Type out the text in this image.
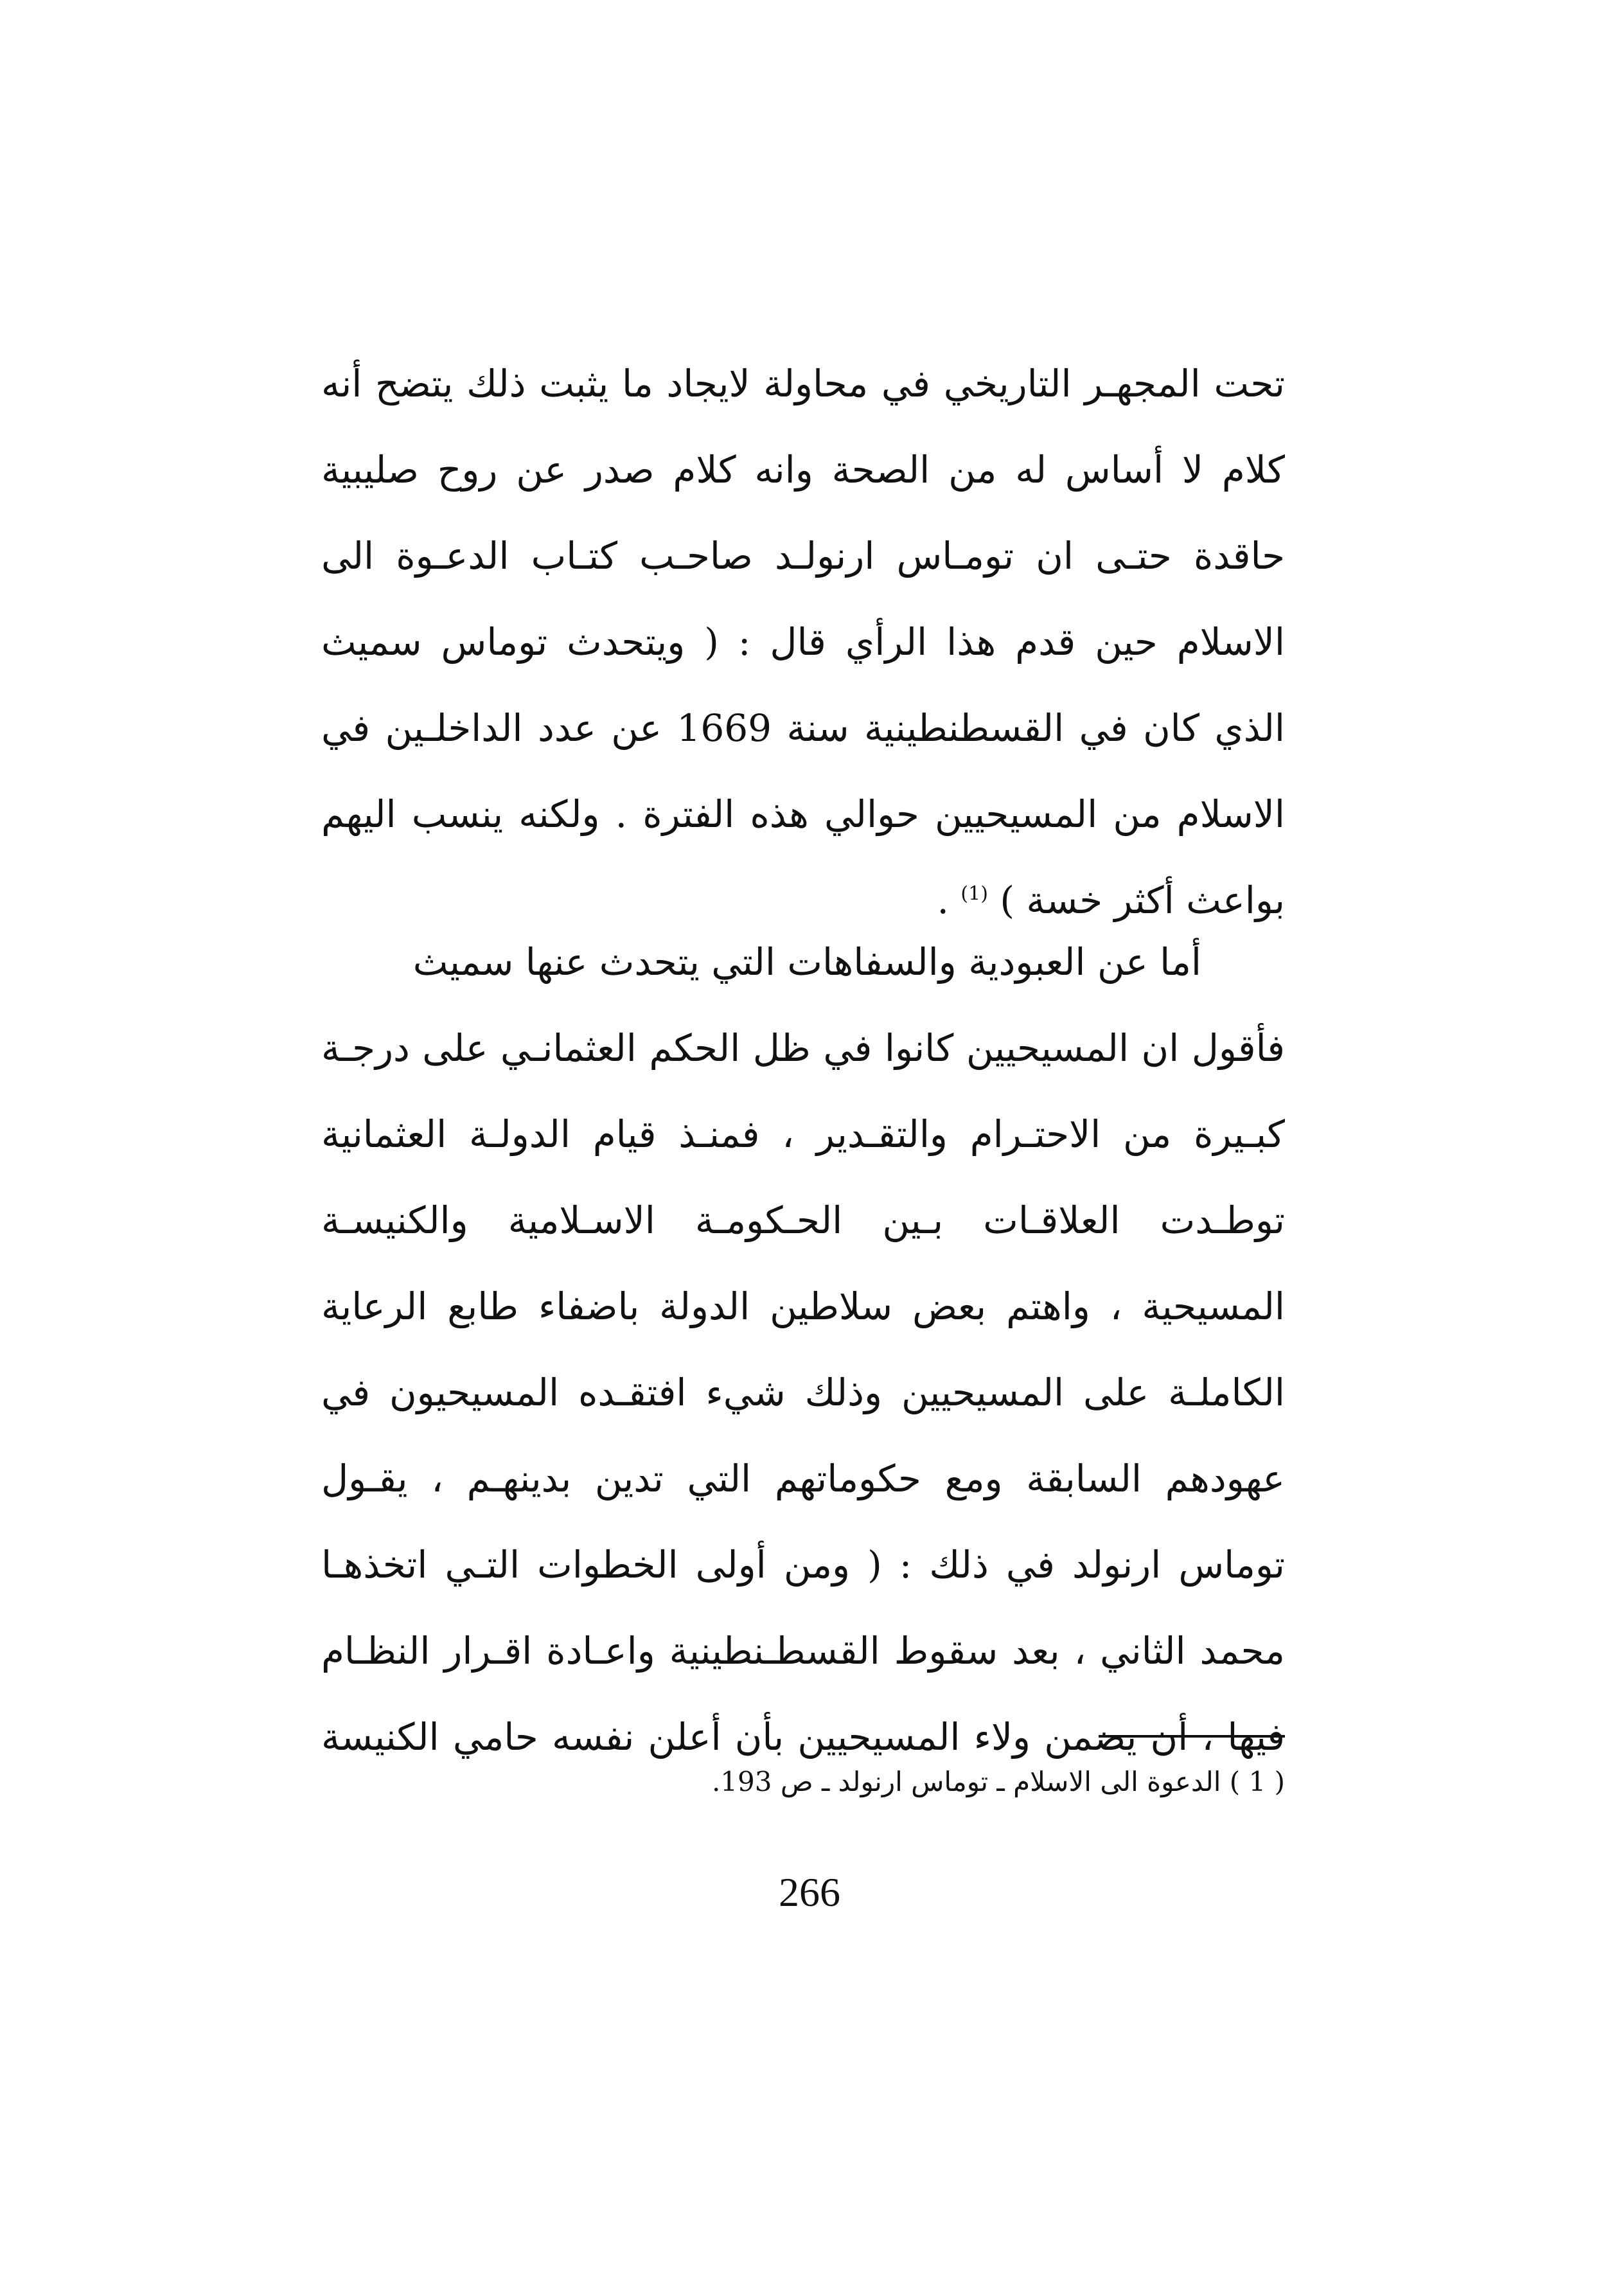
تحت المجهـر التاريخي في محاولة لايجاد ما يثبت ذلك يتضح أنه
كلام لا أساس له من الصحة وانه كلام صدر عن روح صليبية
حاقدة حتـى ان تومـاس ارنولـد صاحـب كتـاب الدعـوة الى
الاسلام حين قدم هذا الرأي قال : ( ويتحدث توماس سميث
الذي كان في القسطنطينية سنة 1669 عن عدد الداخلـين في
الاسلام من المسيحيين حوالي هذه الفترة . ولكنه ينسب اليهم
بواعث أكثر خسة ) $^{(1)}$ .
أما عن العبودية والسفاهات التي يتحدث عنها سميث
فأقول ان المسيحيين كانوا في ظل الحكم العثمانـي على درجـة
كبـيرة من الاحتـرام والتقـدير ، فمنـذ قيام الدولـة العثمانية
توطـدت العلاقـات بـين الحـكومـة الاسـلامية والكنيسـة
المسيحية ، واهتم بعض سلاطين الدولة باضفاء طابع الرعاية
الكاملـة على المسيحيين وذلك شيء افتقـده المسيحيون في
عهودهم السابقة ومع حكوماتهم التي تدين بدينهـم ، يقـول
توماس ارنولد في ذلك : ( ومن أولى الخطوات التـي اتخذهـا
محمد الثاني ، بعد سقوط القسطـنطينية واعـادة اقـرار النظـام
فيها ، أن يضمن ولاء المسيحيين بأن أعلن نفسه حامي الكنيسة
( 1 ) الدعوة الى الاسلام ـ توماس ارنولد ـ ص 193.
266
